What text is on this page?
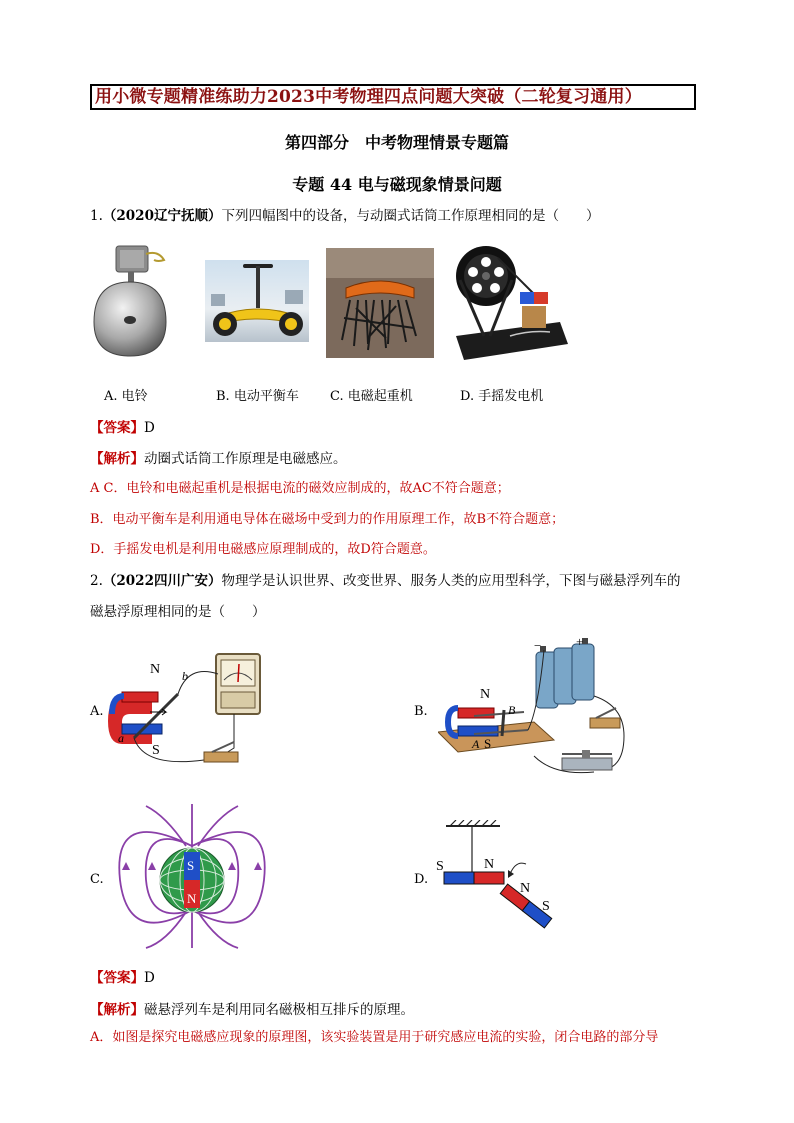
用小微专题精准练助力2023中考物理四点问题大突破（二轮复习通用）
第四部分　中考物理情景专题篇
专题 44 电与磁现象情景问题
1.（2020辽宁抚顺）下列四幅图中的设备，与动圈式话筒工作原理相同的是（　　）
A. 电铃	B. 电动平衡车 C. 电磁起重机	D. 手摇发电机
【答案】D
【解析】动圈式话筒工作原理是电磁感应。
A C．电铃和电磁起重机是根据电流的磁效应制成的，故AC不符合题意；
B．电动平衡车是利用通电导体在磁场中受到力的作用原理工作，故B不符合题意；
D．手摇发电机是利用电磁感应原理制成的，故D符合题意。
2.（2022四川广安）物理学是认识世界、改变世界、服务人类的应用型科学，下图与磁悬浮列车的
磁悬浮原理相同的是（　　）
A.	B.
C.	D.
N
S
a
b
N
S
A
B
−	+
S
N
S	N
N
S
【答案】D
【解析】磁悬浮列车是利用同名磁极相互排斥的原理。
A．如图是探究电磁感应现象的原理图，该实验装置是用于研究感应电流的实验，闭合电路的部分导
